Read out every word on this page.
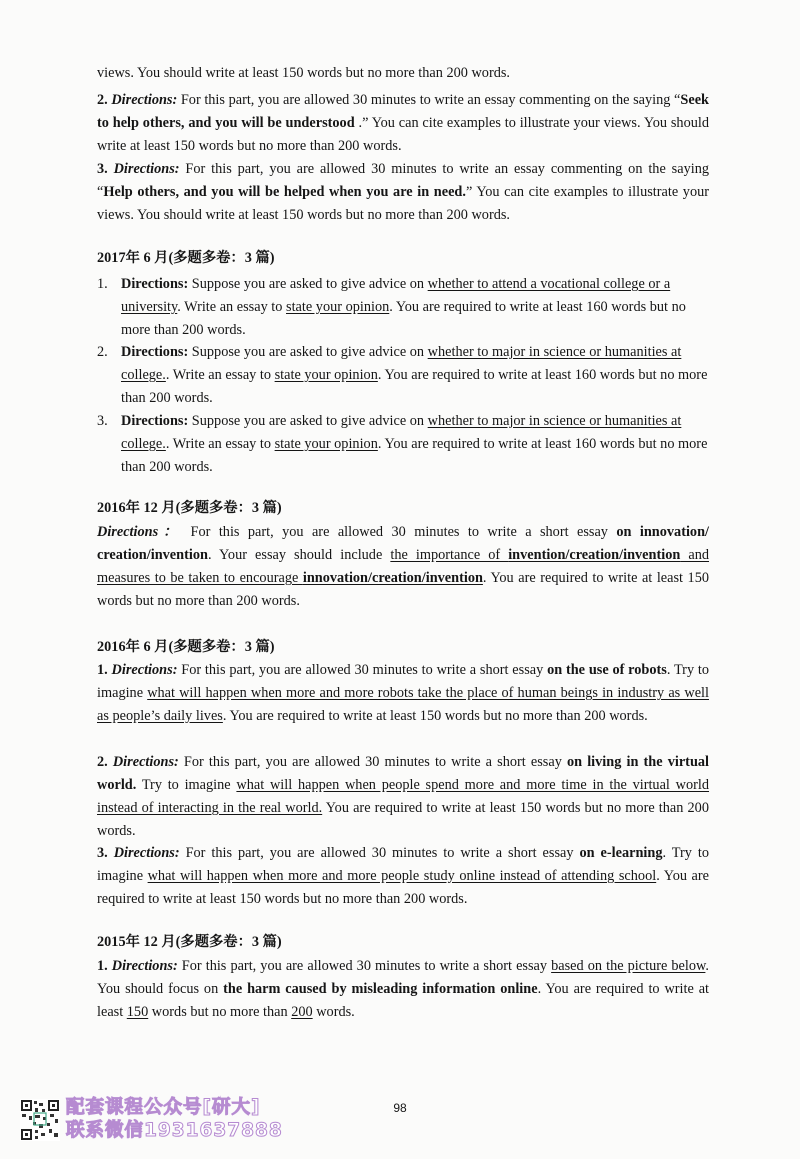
views. You should write at least 150 words but no more than 200 words.
2. Directions: For this part, you are allowed 30 minutes to write an essay commenting on the saying “Seek to help others, and you will be understood .” You can cite examples to illustrate your views. You should write at least 150 words but no more than 200 words.
3. Directions: For this part, you are allowed 30 minutes to write an essay commenting on the saying “Help others, and you will be helped when you are in need.” You can cite examples to illustrate your views. You should write at least 150 words but no more than 200 words.
2017年 6 月(多题多卷：3 篇)
1. Directions: Suppose you are asked to give advice on whether to attend a vocational college or a university. Write an essay to state your opinion. You are required to write at least 160 words but no more than 200 words.
2. Directions: Suppose you are asked to give advice on whether to major in science or humanities at college.. Write an essay to state your opinion. You are required to write at least 160 words but no more than 200 words.
3. Directions: Suppose you are asked to give advice on whether to major in science or humanities at college.. Write an essay to state your opinion. You are required to write at least 160 words but no more than 200 words.
2016年 12 月(多题多卷：3 篇)
Directions： For this part, you are allowed 30 minutes to write a short essay on innovation/ creation/invention. Your essay should include the importance of invention/creation/invention and measures to be taken to encourage innovation/creation/invention. You are required to write at least 150 words but no more than 200 words.
2016年 6 月(多题多卷：3 篇)
1. Directions: For this part, you are allowed 30 minutes to write a short essay on the use of robots. Try to imagine what will happen when more and more robots take the place of human beings in industry as well as people’s daily lives. You are required to write at least 150 words but no more than 200 words.
2. Directions: For this part, you are allowed 30 minutes to write a short essay on living in the virtual world. Try to imagine what will happen when people spend more and more time in the virtual world instead of interacting in the real world. You are required to write at least 150 words but no more than 200 words.
3. Directions: For this part, you are allowed 30 minutes to write a short essay on e-learning. Try to imagine what will happen when more and more people study online instead of attending school. You are required to write at least 150 words but no more than 200 words.
2015年 12 月(多题多卷：3 篇)
1. Directions: For this part, you are allowed 30 minutes to write a short essay based on the picture below. You should focus on the harm caused by misleading information online. You are required to write at least 150 words but no more than 200 words.
配套课程公众号[研大]
联系微信1931637888
98
